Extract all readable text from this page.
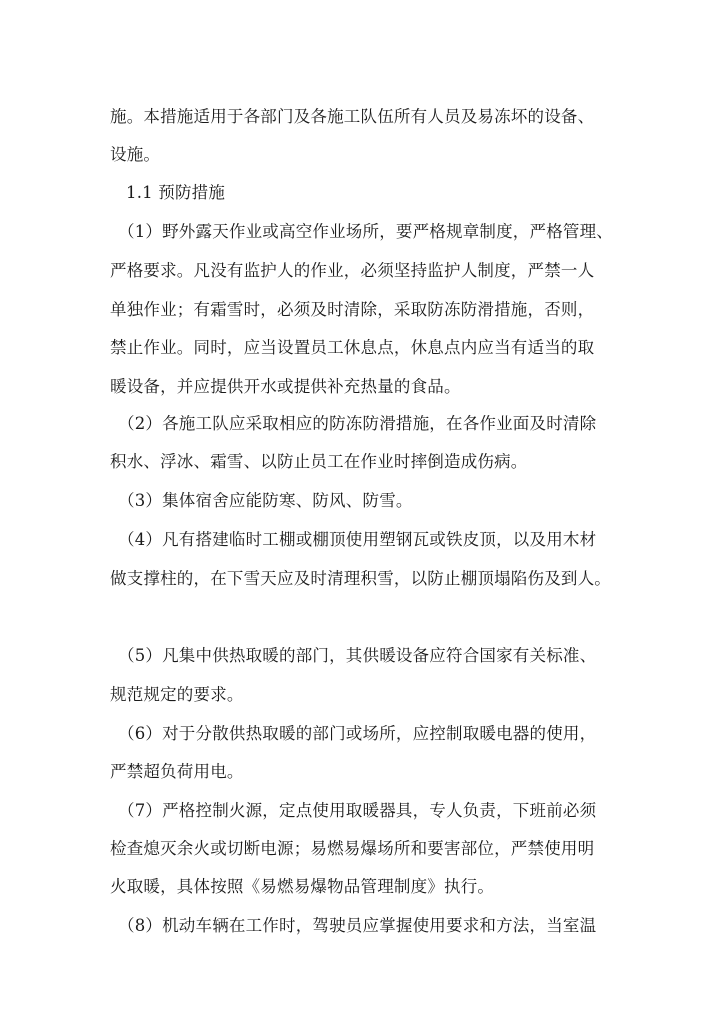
施。本措施适用于各部门及各施工队伍所有人员及易冻坏的设备、
设施。
1.1 预防措施
（1）野外露天作业或高空作业场所，要严格规章制度，严格管理、
严格要求。凡没有监护人的作业，必须坚持监护人制度，严禁一人
单独作业；有霜雪时，必须及时清除，采取防冻防滑措施，否则，
禁止作业。同时，应当设置员工休息点，休息点内应当有适当的取
暖设备，并应提供开水或提供补充热量的食品。
（2）各施工队应采取相应的防冻防滑措施，在各作业面及时清除
积水、浮冰、霜雪、以防止员工在作业时摔倒造成伤病。
（3）集体宿舍应能防寒、防风、防雪。
（4）凡有搭建临时工棚或棚顶使用塑钢瓦或铁皮顶，以及用木材
做支撑柱的，在下雪天应及时清理积雪，以防止棚顶塌陷伤及到人。
（5）凡集中供热取暖的部门，其供暖设备应符合国家有关标准、
规范规定的要求。
（6）对于分散供热取暖的部门或场所，应控制取暖电器的使用，
严禁超负荷用电。
（7）严格控制火源，定点使用取暖器具，专人负责，下班前必须
检查熄灭余火或切断电源；易燃易爆场所和要害部位，严禁使用明
火取暖，具体按照《易燃易爆物品管理制度》执行。
（8）机动车辆在工作时，驾驶员应掌握使用要求和方法，当室温
